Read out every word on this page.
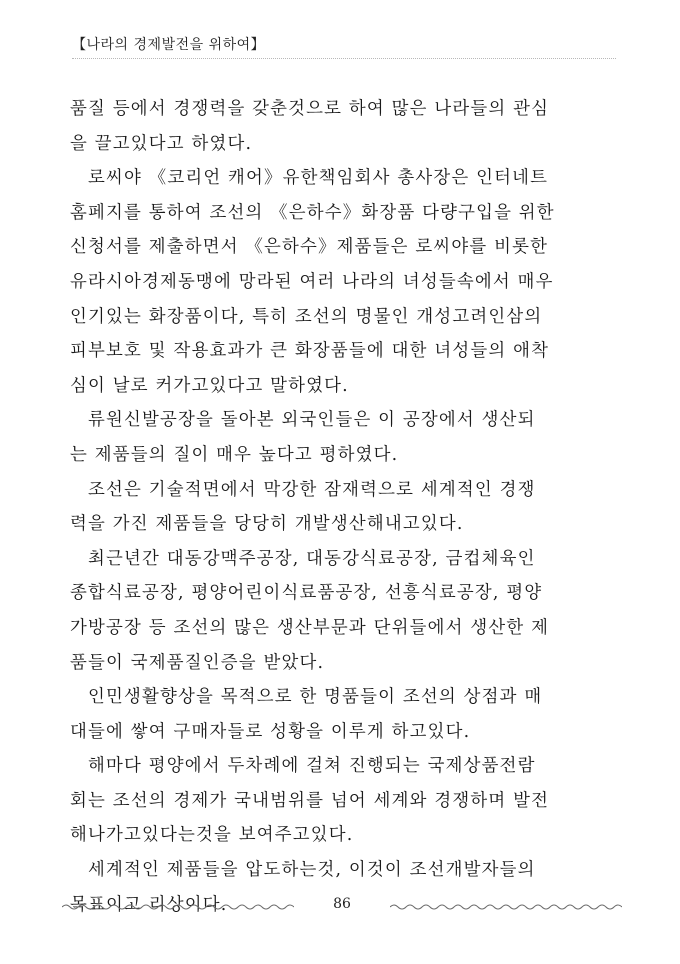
【나라의 경제발전을 위하여】

품질 등에서 경쟁력을 갖춘것으로 하여 많은 나라들의 관심
을 끌고있다고 하였다.

로씨야 《코리언 캐어》유한책임회사 총사장은 인터네트
홈페지를 통하여 조선의 《은하수》화장품 다량구입을 위한
신청서를 제출하면서 《은하수》제품들은 로씨야를 비롯한
유라시아경제동맹에 망라된 여러 나라의 녀성들속에서 매우
인기있는 화장품이다, 특히 조선의 명물인 개성고려인삼의
피부보호 및 작용효과가 큰 화장품들에 대한 녀성들의 애착
심이 날로 커가고있다고 말하였다.

류원신발공장을 돌아본 외국인들은 이 공장에서 생산되
는 제품들의 질이 매우 높다고 평하였다.

조선은 기술적면에서 막강한 잠재력으로 세계적인 경쟁
력을 가진 제품들을 당당히 개발생산해내고있다.

최근년간 대동강맥주공장, 대동강식료공장, 금컵체육인
종합식료공장, 평양어린이식료품공장, 선흥식료공장, 평양
가방공장 등 조선의 많은 생산부문과 단위들에서 생산한 제
품들이 국제품질인증을 받았다.

인민생활향상을 목적으로 한 명품들이 조선의 상점과 매
대들에 쌓여 구매자들로 성황을 이루게 하고있다.

해마다 평양에서 두차례에 걸쳐 진행되는 국제상품전람
회는 조선의 경제가 국내범위를 넘어 세계와 경쟁하며 발전
해나가고있다는것을 보여주고있다.

세계적인 제품들을 압도하는것, 이것이 조선개발자들의
목표이고 리상이다.	86
